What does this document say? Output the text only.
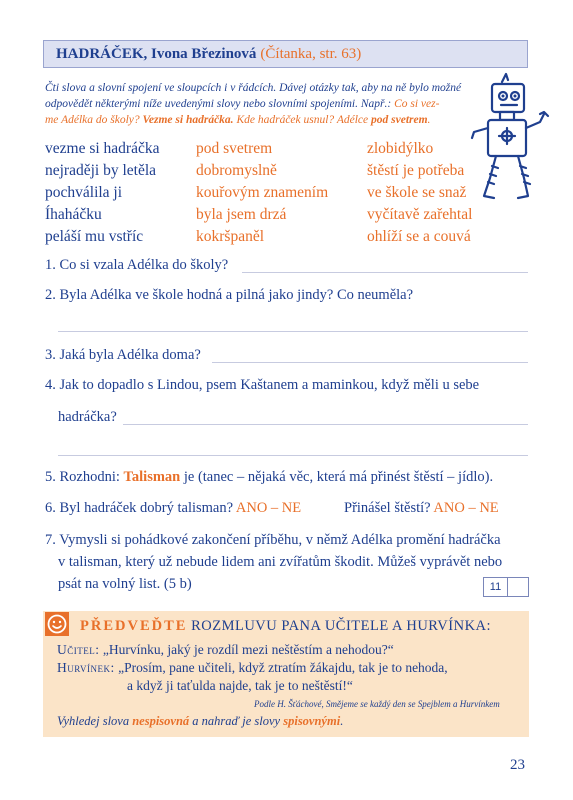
HADRÁČEK, Ivona Březinová (Čítanka, str. 63)
Čti slova a slovní spojení ve sloupcích i v řádcích. Dávej otázky tak, aby na ně bylo možné
odpovědět některými níže uvedenými slovy nebo slovními spojeními. Např.: Co si vez-
me Adélka do školy? Vezme si hadráčka. Kde hadráček usnul? Adélce pod svetrem.
vezme si hadráčka
nejraději by letěla
pochválila ji
Íhaháčku
peláší mu vstříc
pod svetrem
dobromyslně
kouřovým znamením
byla jsem drzá
kokršpaněl
zlobidýlko
štěstí je potřeba
ve škole se snaž
vyčítavě zařehtal
ohlíží se a couvá
1. Co si vzala Adélka do školy?
2. Byla Adélka ve škole hodná a pilná jako jindy? Co neuměla?
3. Jaká byla Adélka doma?
4. Jak to dopadlo s Lindou, psem Kaštanem a maminkou, když měli u sebe
hadráčka?
5. Rozhodni: Talisman je (tanec – nějaká věc, která má přinést štěstí – jídlo).
6. Byl hadráček dobrý talisman? ANO – NE	Přinášel štěstí? ANO – NE
7. Vymysli si pohádkové zakončení příběhu, v němž Adélka promění hadráčka
v talisman, který už nebude lidem ani zvířatům škodit. Můžeš vyprávět nebo
psát na volný list. (5 b)	11
PŘEDVEĎTE ROZMLUVU PANA UČITELE A HURVÍNKA:
Učitel: „Hurvínku, jaký je rozdíl mezi neštěstím a nehodou?“
Hurvínek: „Prosím, pane učiteli, když ztratím žákajdu, tak je to nehoda,
a když ji taťulda najde, tak je to neštěstí!“
Podle H. Šťáchové, Smějeme se každý den se Spejblem a Hurvínkem
Vyhledej slova nespisovná a nahraď je slovy spisovnými.
23
